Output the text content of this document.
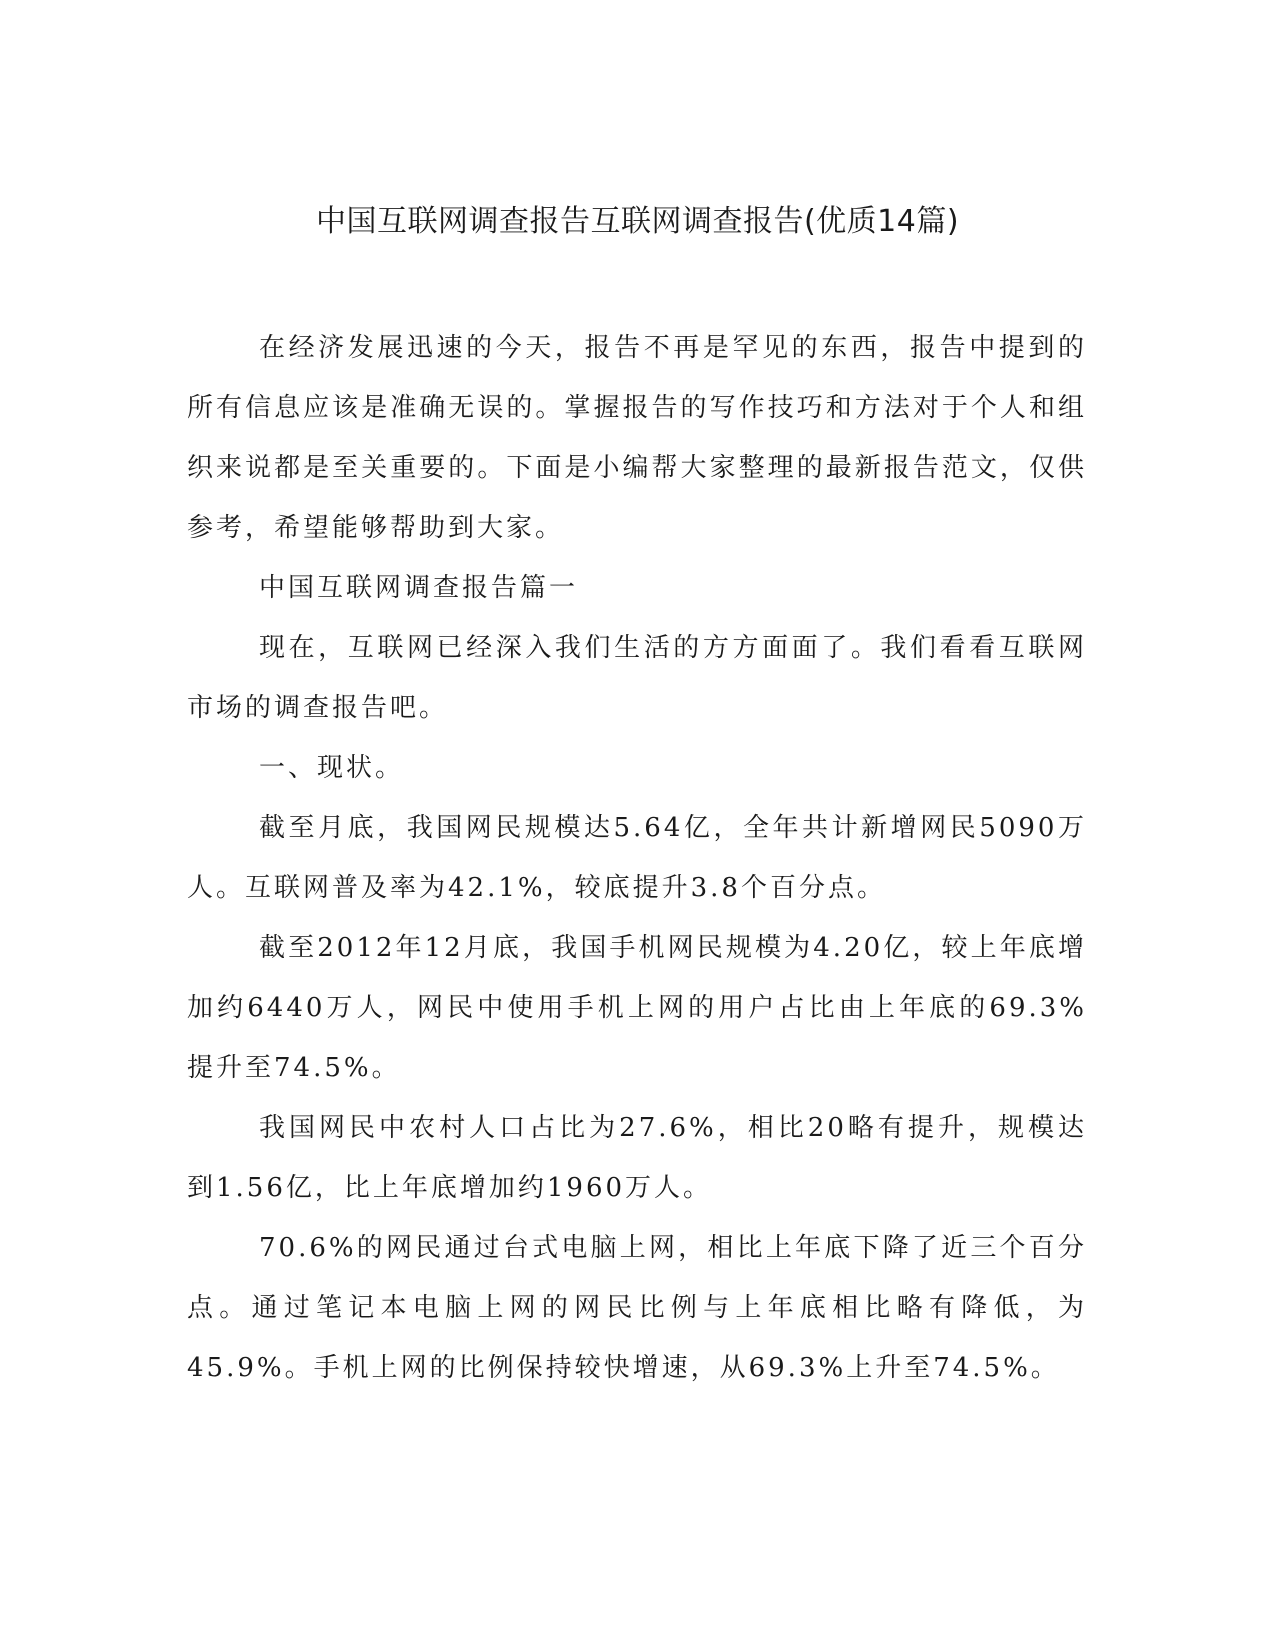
中国互联网调查报告互联网调查报告(优质14篇)

在经济发展迅速的今天，报告不再是罕见的东西，报告中提到的所有信息应该是准确无误的。掌握报告的写作技巧和方法对于个人和组织来说都是至关重要的。下面是小编帮大家整理的最新报告范文，仅供参考，希望能够帮助到大家。

中国互联网调查报告篇一

现在，互联网已经深入我们生活的方方面面了。我们看看互联网市场的调查报告吧。

一、现状。

截至月底，我国网民规模达5.64亿，全年共计新增网民5090万人。互联网普及率为42.1%，较底提升3.8个百分点。

截至2012年12月底，我国手机网民规模为4.20亿，较上年底增加约6440万人，网民中使用手机上网的用户占比由上年底的69.3%提升至74.5%。

我国网民中农村人口占比为27.6%，相比20略有提升，规模达到1.56亿，比上年底增加约1960万人。

70.6%的网民通过台式电脑上网，相比上年底下降了近三个百分点。通过笔记本电脑上网的网民比例与上年底相比略有降低，为45.9%。手机上网的比例保持较快增速，从69.3%上升至74.5%。
